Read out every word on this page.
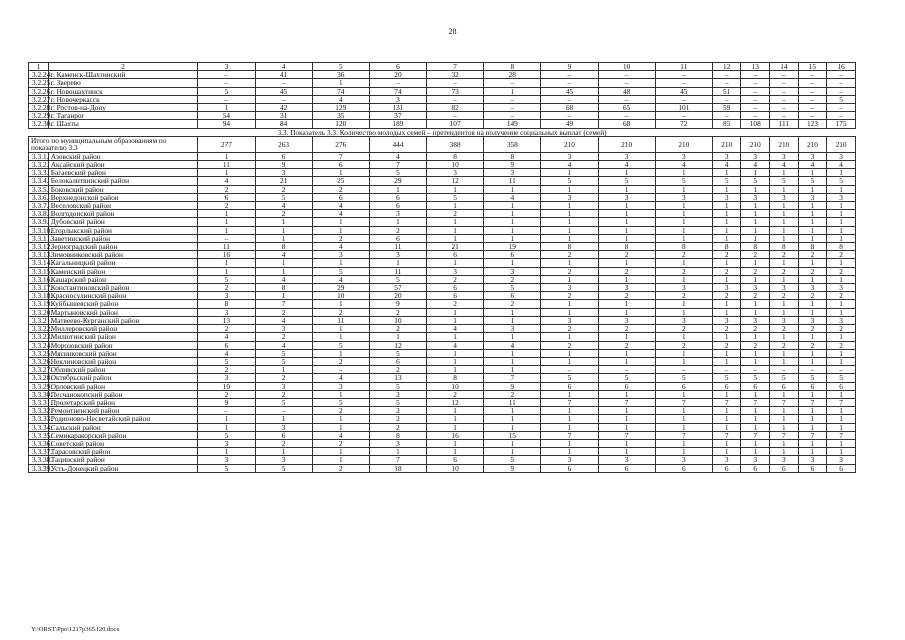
28
1	2	3	4	5	6	7	8	9	10	11	12	13	14	15	16
3.2.24.	г. Каменск-Шахтинский	–	41	36	20	32	28	–	–	–	–	–	–	–	–
3.2.25.	г. Зверево	–	–	1	–	–	–	–	–	–	–	–	–	–	–
3.2.26.	г. Новошахтинск	5	45	74	74	73	1	45	48	45	51	–	–	–	–
3.2.27.	г. Новочеркасск	–	–	4	3	–	–	–	–	–	–	–	–	–	5
3.2.28.	г. Ростов-на-Дону	1	42	129	131	82	–	68	65	101	59	–	–	–	–
3.2.29.	г. Таганрог	54	31	35	37	–	–	–	–	–	–	–	–	–	–
3.2.30.	г. Шахты	94	84	120	189	107	149	49	68	72	85	108	111	123	175
3.3. Показатель 3.3. Количество молодых семей – претендентов на получение социальных выплат (семей)															
Итого по муниципальным образованиям по показателю 3.3		277	263	276	444	388	358	210	210	210	210	210	210	210	210
3.3.1.	Азовский район	1	6	7	4	8	8	3	3	3	3	3	3	3	3
3.3.2.	Аксайский район	11	9	6	7	10	9	4	4	4	4	4	4	4	4
3.3.3.	Багаевский район	1	3	1	5	3	3	1	1	1	1	1	1	1	1
3.3.4.	Белокалитвинский район	4	21	25	29	12	11	5	5	5	5	5	5	5	5
3.3.5.	Боковский район	2	2	2	1	1	1	1	1	1	1	1	1	1	1
3.3.6.	Верхнедонской район	6	5	6	6	5	4	3	3	3	3	3	3	3	3
3.3.7.	Веселовский район	2	4	4	6	1	1	1	1	1	1	1	1	1	1
3.3.8.	Волгодонской район	1	2	4	3	2	1	1	1	1	1	1	1	1	1
3.3.9.	Дубовский район	1	1	1	1	1	1	1	1	1	1	1	1	1	1
3.3.10.	Егорлыкский район	1	1	1	2	1	1	1	1	1	1	1	1	1	1
3.3.11.	Заветинский район	–	1	2	6	1	1	1	1	1	1	1	1	1	1
3.3.12.	Зерноградский район	11	8	4	11	21	19	8	8	8	8	8	8	8	8
3.3.13.	Зимовниковский район	16	4	3	3	6	6	2	2	2	2	2	2	2	2
3.3.14.	Кагальницкий район	1	1	1	1	1	1	1	1	1	1	1	1	1	1
3.3.15.	Каменский район	1	1	5	11	3	3	2	2	2	2	2	2	2	2
3.3.16.	Кашарский район	5	4	4	5	2	2	1	1	1	1	1	1	1	1
3.3.17.	Константиновский район	2	8	29	57	6	5	3	3	3	3	3	3	3	3
3.3.18.	Красносулинский район	3	1	10	20	6	6	2	2	2	2	2	2	2	2
3.3.19.	Куйбышевский район	8	7	1	9	2	2	1	1	1	1	1	1	1	1
3.3.20.	Мартыновский район	3	2	2	2	1	1	1	1	1	1	1	1	1	1
3.3.21.	Матвеево-Курганский район	13	4	11	10	1	1	3	3	3	3	3	3	3	3
3.3.22.	Миллеровский район	2	3	1	2	4	3	2	2	2	2	2	2	2	2
3.3.23.	Милютинский район	4	2	1	1	1	1	1	1	1	1	1	1	1	1
3.3.24.	Морозовский район	6	4	5	12	4	4	2	2	2	2	2	2	2	2
3.3.25.	Мясниковский район	4	5	1	5	1	1	1	1	1	1	1	1	1	1
3.3.26.	Неклиновский район	5	5	2	6	1	1	1	1	1	1	1	1	1	1
3.3.27.	Обливский район	2	1	–	2	1	1	–	–	–	–	–	–	–	–
3.3.28.	Октябрьский район	3	2	4	13	8	7	5	5	5	5	5	5	5	5
3.3.29.	Орловский район	10	3	3	5	10	9	6	6	6	6	6	6	6	6
3.3.30.	Песчанокопский район	2	2	1	2	2	2	1	1	1	1	1	1	1	1
3.3.31.	Пролетарский район	9	5	5	5	12	11	7	7	7	7	7	7	7	7
3.3.32.	Ремонтненский район	–	–	2	2	1	1	1	1	1	1	1	1	1	1
3.3.33.	Родионово-Несветайский район	1	1	1	2	1	1	1	1	1	1	1	1	1	1
3.3.34.	Сальский район	1	3	1	2	1	1	1	1	1	1	1	1	1	1
3.3.35.	Семикаракорский район	5	6	4	8	16	15	7	7	7	7	7	7	7	7
3.3.36.	Советский район	3	2	2	3	1	1	1	1	1	1	1	1	1	1
3.3.37.	Тарасовский район	1	1	1	1	1	1	1	1	1	1	1	1	1	1
3.3.38.	Тацинский район	3	3	1	7	6	5	3	3	3	3	3	3	3	3
3.3.39.	Усть-Донецкий район	5	5	2	18	10	9	6	6	6	6	6	6	6	6
Y:\ORST\Ppo\1217p365.f20.docx
